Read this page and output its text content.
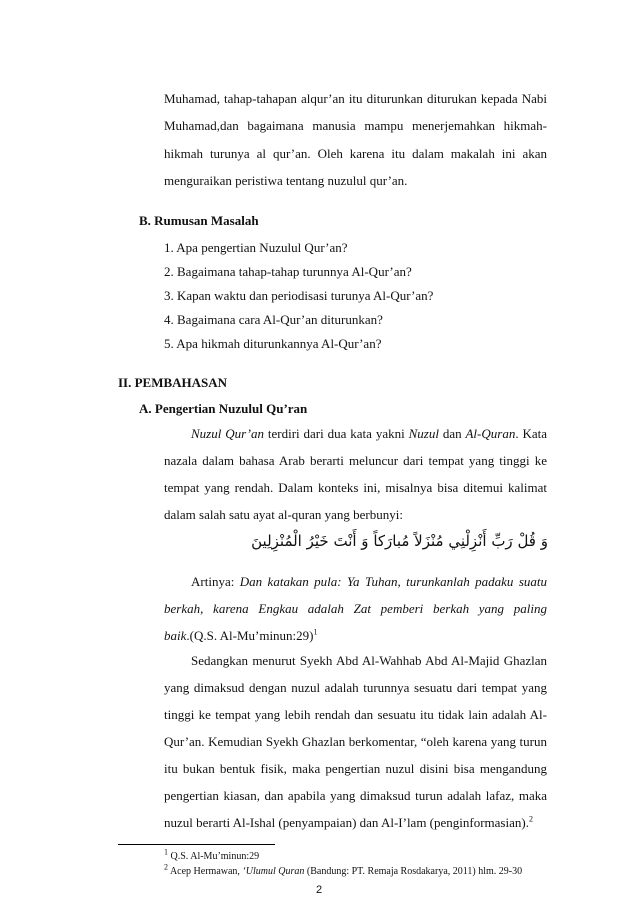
Muhamad, tahap-tahapan alqur’an itu diturunkan diturukan kepada Nabi
Muhamad,dan bagaimana manusia mampu menerjemahkan hikmah-
hikmah turunya al qur’an. Oleh karena itu dalam makalah ini akan
menguraikan peristiwa tentang nuzulul qur’an.
B. Rumusan Masalah
1. Apa pengertian Nuzulul Qur’an?
2. Bagaimana tahap-tahap turunnya Al-Qur’an?
3. Kapan waktu dan periodisasi turunya Al-Qur’an?
4. Bagaimana cara Al-Qur’an diturunkan?
5. Apa hikmah diturunkannya Al-Qur’an?
II. PEMBAHASAN
A. Pengertian Nuzulul Qu’ran
Nuzul Qur’an terdiri dari dua kata yakni Nuzul dan Al-Quran. Kata
nazala dalam bahasa Arab berarti meluncur dari tempat yang tinggi ke
tempat yang rendah. Dalam konteks ini, misalnya bisa ditemui kalimat
dalam salah satu ayat al-quran yang berbunyi:
وَ قُلْ رَبِّ أَنْزِلْنِي مُنْزَلاً مُبارَكاً وَ أَنْتَ خَيْرُ الْمُنْزِلِينَ
Artinya: Dan katakan pula: Ya Tuhan, turunkanlah padaku suatu
berkah, karena Engkau adalah Zat pemberi berkah yang paling
baik.(Q.S. Al-Mu’minun:29)$^1$
Sedangkan menurut Syekh Abd Al-Wahhab Abd Al-Majid Ghazlan
yang dimaksud dengan nuzul adalah turunnya sesuatu dari tempat yang
tinggi ke tempat yang lebih rendah dan sesuatu itu tidak lain adalah Al-
Qur’an. Kemudian Syekh Ghazlan berkomentar, “oleh karena yang turun
itu bukan bentuk fisik, maka pengertian nuzul disini bisa mengandung
pengertian kiasan, dan apabila yang dimaksud turun adalah lafaz, maka
nuzul berarti Al-Ishal (penyampaian) dan Al-I’lam (penginformasian).$^2$
$^1$ Q.S. Al-Mu’minun:29
$^2$ Acep Hermawan, ‘Ulumul Quran (Bandung: PT. Remaja Rosdakarya, 2011) hlm. 29-30
2
